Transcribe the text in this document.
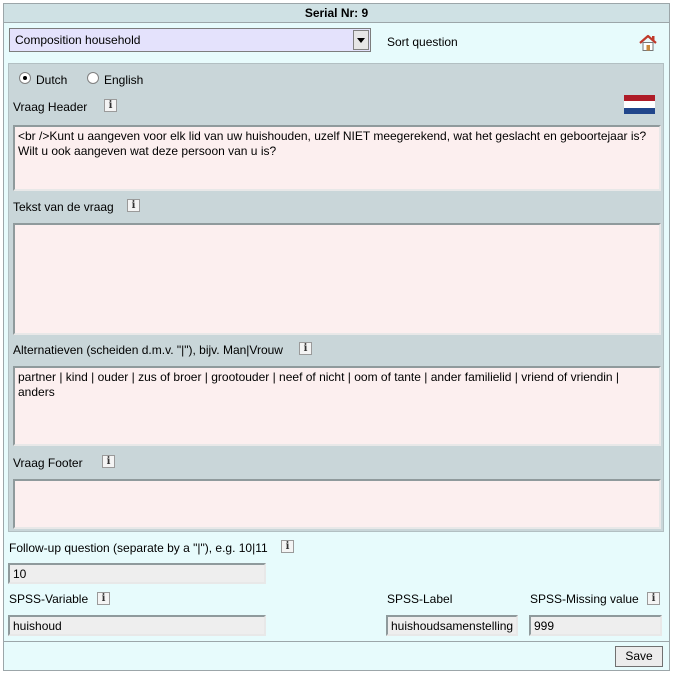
Serial Nr: 9
Composition household	Sort question
Dutch	English
Vraag Header	i
<br />Kunt u aangeven voor elk lid van uw huishouden, uzelf NIET meegerekend, wat het geslacht en geboortejaar is? Wilt u ook aangeven wat deze persoon van u is?
Tekst van de vraag	i
Alternatieven (scheiden d.m.v. "|"), bijv. Man|Vrouw	i
partner | kind | ouder | zus of broer | grootouder | neef of nicht | oom of tante | ander familielid | vriend of vriendin | anders
Vraag Footer	i
Follow-up question (separate by a "|"), e.g. 10|11	i
10
SPSS-Variable	i
huishoud
SPSS-Label
huishoudsamenstelling
SPSS-Missing value	i
999
Save
